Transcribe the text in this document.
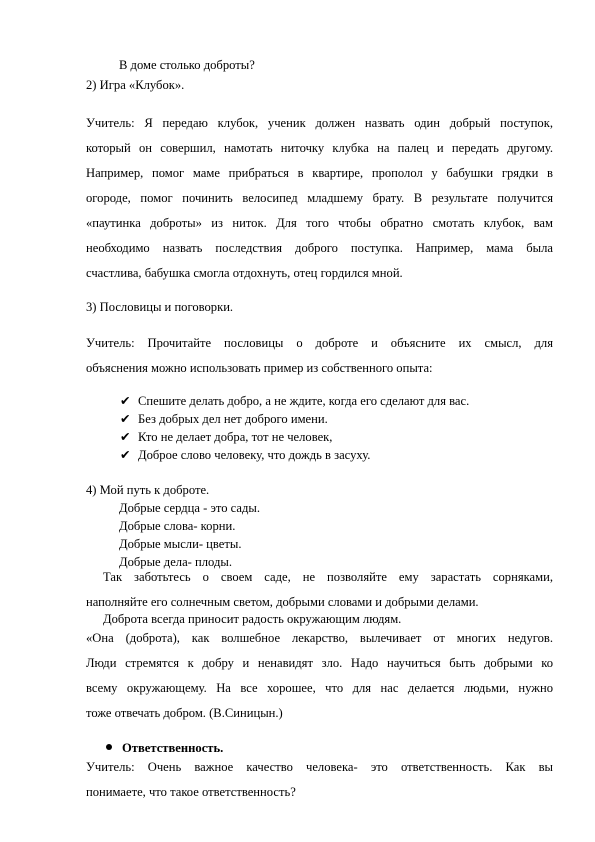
В доме столько доброты?
2) Игра «Клубок».
Учитель: Я передаю клубок, ученик должен назвать один добрый поступок,
который он совершил, намотать ниточку клубка на палец и передать другому.
Например, помог маме прибраться в квартире, прополол у бабушки грядки в
огороде, помог починить велосипед младшему брату. В результате получится
«паутинка доброты» из ниток. Для того чтобы обратно смотать клубок, вам
необходимо назвать последствия доброго поступка. Например, мама была
счастлива, бабушка смогла отдохнуть, отец гордился мной.
3) Пословицы и поговорки.
Учитель: Прочитайте пословицы о доброте и объясните их смысл, для
объяснения можно использовать пример из собственного опыта:
✔ Спешите делать добро, а не ждите, когда его сделают для вас.
✔ Без добрых дел нет доброго имени.
✔ Кто не делает добра, тот не человек,
✔ Доброе слово человеку, что дождь в засуху.
4) Мой путь к доброте.
Добрые сердца - это сады.
Добрые слова- корни.
Добрые мысли- цветы.
Добрые дела- плоды.
Так заботьтесь о своем саде, не позволяйте ему зарастать сорняками,
наполняйте его солнечным светом, добрыми словами и добрыми делами.
Доброта всегда приносит радость окружающим людям.
«Она (доброта), как волшебное лекарство, вылечивает от многих недугов.
Люди стремятся к добру и ненавидят зло. Надо научиться быть добрыми ко
всему окружающему. На все хорошее, что для нас делается людьми, нужно
тоже отвечать добром. (В.Синицын.)
Ответственность.
Учитель: Очень важное качество человека- это ответственность. Как вы
понимаете, что такое ответственность?
